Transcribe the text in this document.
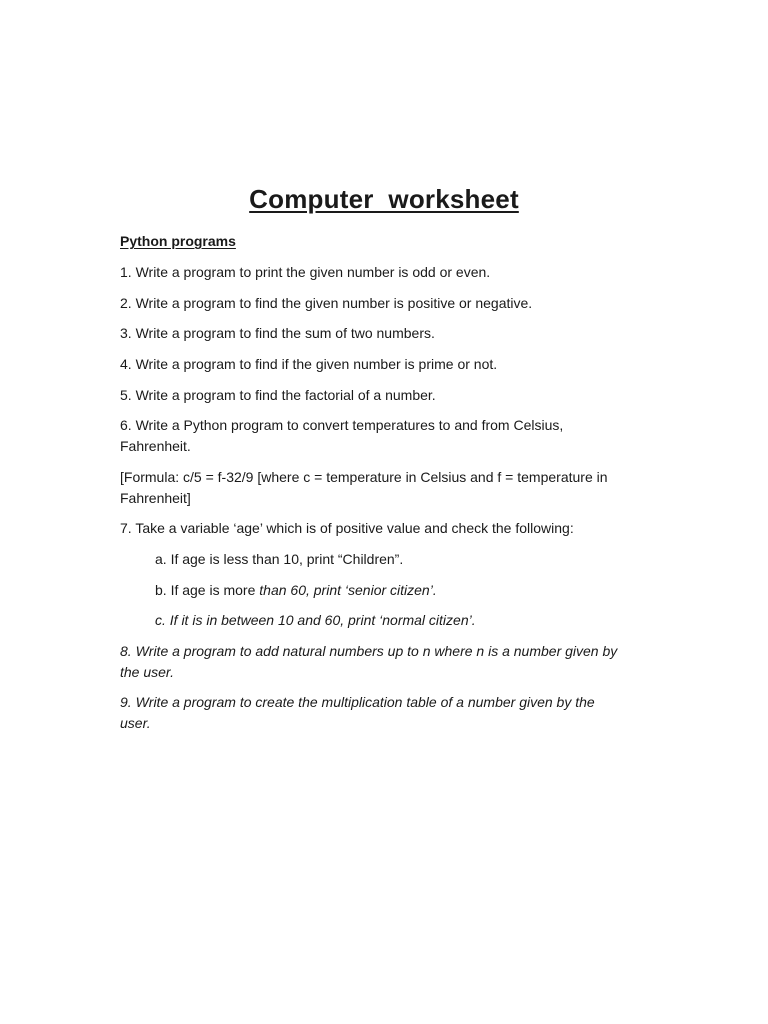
Computer  worksheet
Python programs
1. Write a program to print the given number is odd or even.
2. Write a program to find the given number is positive or negative.
3. Write a program to find the sum of two numbers.
4. Write a program to find if the given number is prime or not.
5. Write a program to find the factorial of a number.
6. Write a Python program to convert temperatures to and from Celsius,
Fahrenheit.
[Formula: c/5 = f-32/9 [where c = temperature in Celsius and f = temperature in
Fahrenheit]
7. Take a variable ‘age’ which is of positive value and check the following:
a. If age is less than 10, print “Children”.
b. If age is more than 60, print ‘senior citizen’.
c. If it is in between 10 and 60, print ‘normal citizen’.
8. Write a program to add natural numbers up to n where n is a number given by
the user.
9. Write a program to create the multiplication table of a number given by the
user.
